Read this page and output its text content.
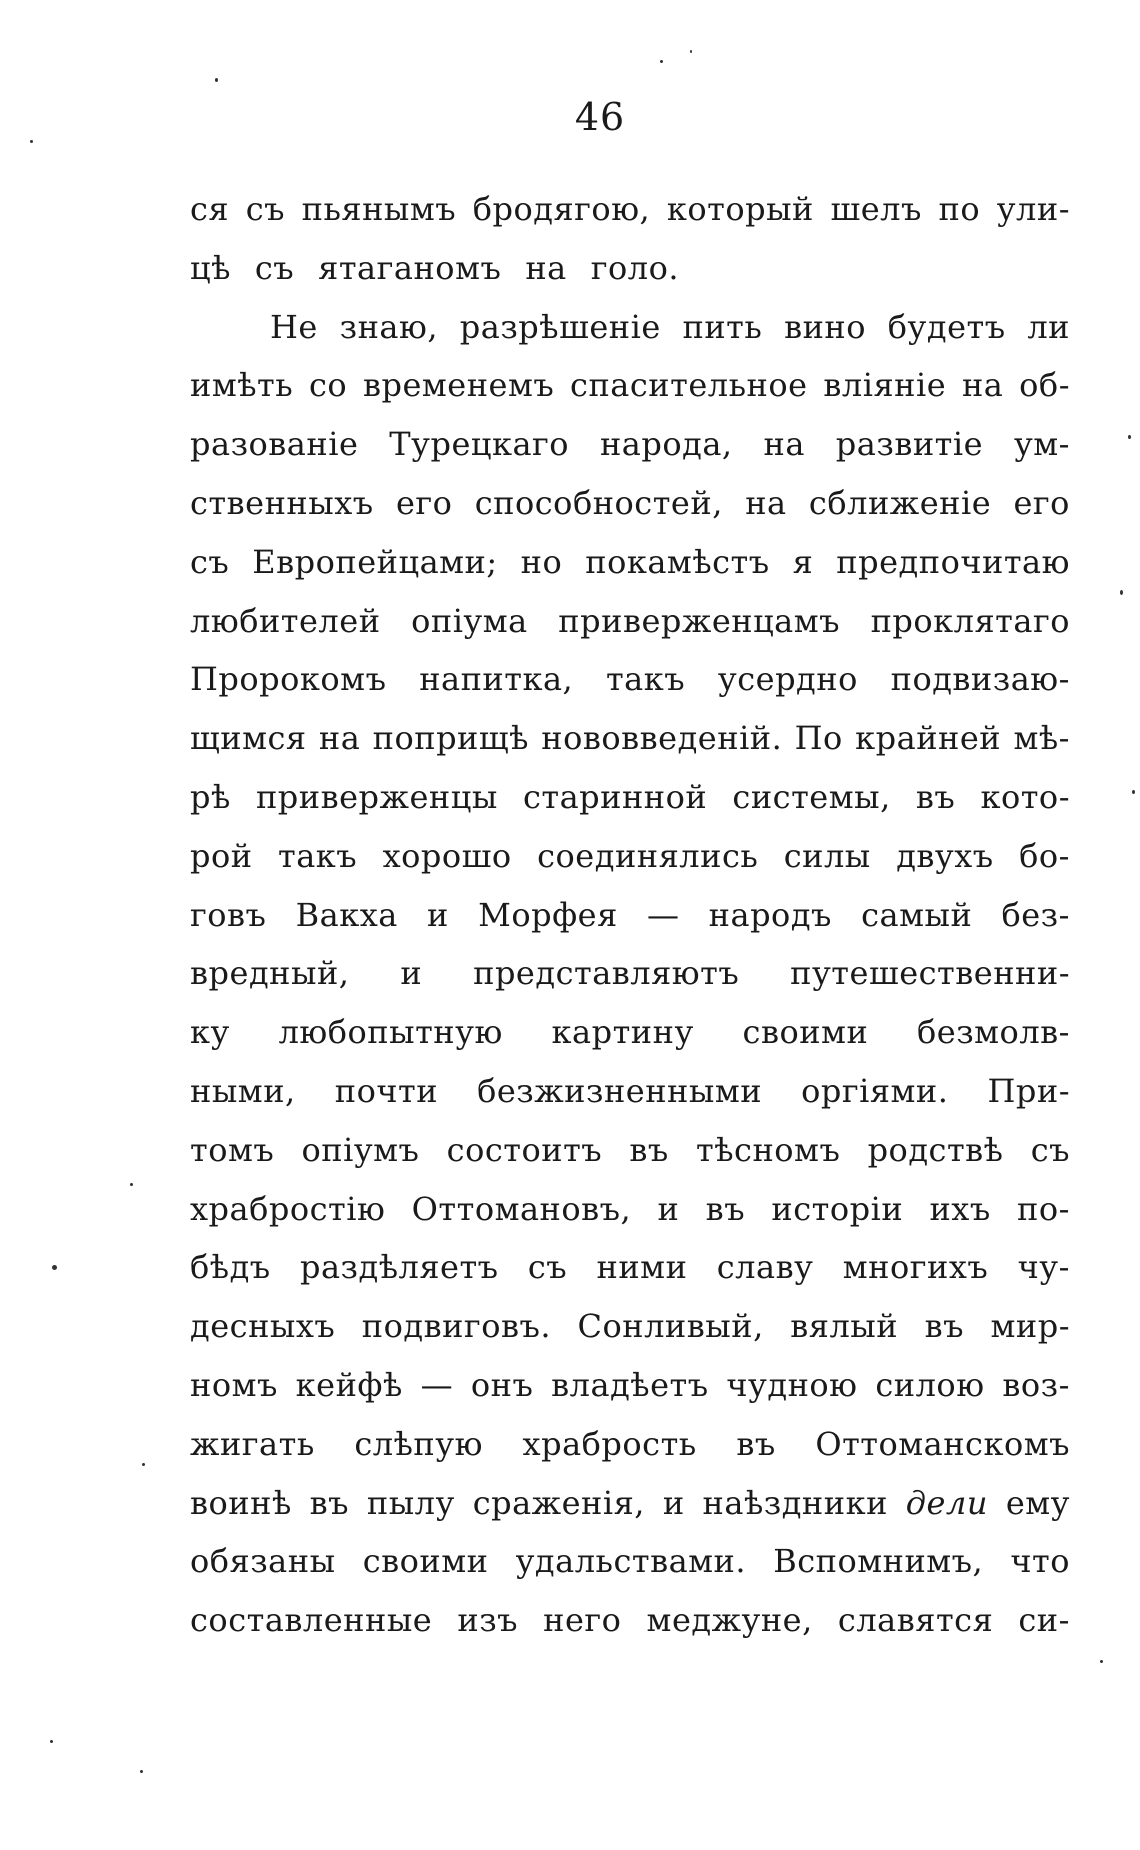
46
ся съ пьянымъ бродягою, который шелъ по ули-
цѣ съ ятаганомъ на голо.
Не знаю, разрѣшеніе пить вино будетъ ли
имѣть со временемъ спасительное вліяніе на об-
разованіе Турецкаго народа, на развитіе ум-
ственныхъ его способностей, на сближеніе его
съ Европейцами; но покамѣстъ я предпочитаю
любителей опіума приверженцамъ проклятаго
Пророкомъ напитка, такъ усердно подвизаю-
щимся на поприщѣ нововведеній. По крайней мѣ-
рѣ приверженцы старинной системы, въ кото-
рой такъ хорошо соединялись силы двухъ бо-
говъ Вакха и Морфея — народъ самый без-
вредный, и представляютъ путешественни-
ку любопытную картину своими безмолв-
ными, почти безжизненными оргіями. При-
томъ опіумъ состоитъ въ тѣсномъ родствѣ съ
храбростію Оттомановъ, и въ исторіи ихъ по-
бѣдъ раздѣляетъ съ ними славу многихъ чу-
десныхъ подвиговъ. Сонливый, вялый въ мир-
номъ кейфѣ — онъ владѣетъ чудною силою воз-
жигать слѣпую храбрость въ Оттоманскомъ
воинѣ въ пылу сраженія, и наѣздники дели ему
обязаны своими удальствами. Вспомнимъ, что
составленные изъ него меджуне, славятся си-
